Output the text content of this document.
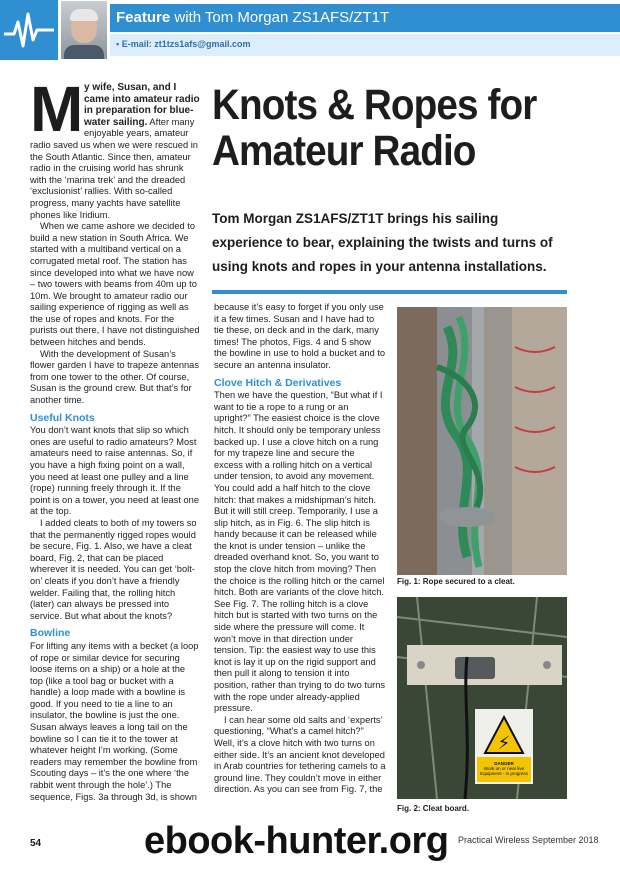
Feature with Tom Morgan ZS1AFS/ZT1T
▪ E-mail: zt1tzs1afs@gmail.com
Knots & Ropes for Amateur Radio

Tom Morgan ZS1AFS/ZT1T brings his sailing experience to bear, explaining the twists and turns of using knots and ropes in your antenna installations.

My wife, Susan, and I came into amateur radio in preparation for blue-water sailing. After many enjoyable years, amateur radio saved us when we were rescued in the South Atlantic. Since then, amateur radio in the cruising world has shrunk with the ‘marina trek’ and the dreaded ‘exclusionist’ rallies. With so-called progress, many yachts have satellite phones like Iridium.

When we came ashore we decided to build a new station in South Africa. We started with a multiband vertical on a corrugated metal roof. The station has since developed into what we have now – two towers with beams from 40m up to 10m. We brought to amateur radio our sailing experience of rigging as well as the use of ropes and knots. For the purists out there, I have not distinguished between hitches and bends.

With the development of Susan’s flower garden I have to trapeze antennas from one tower to the other. Of course, Susan is the ground crew. But that’s for another time.

Useful Knots

You don’t want knots that slip so which ones are useful to radio amateurs? Most amateurs need to raise antennas. So, if you have a high fixing point on a wall, you need at least one pulley and a line (rope) running freely through it. If the point is on a tower, you need at least one at the top.

I added cleats to both of my towers so that the permanently rigged ropes would be secure, Fig. 1. Also, we have a cleat board, Fig. 2, that can be placed wherever it is needed. You can get ‘bolt-on’ cleats if you don’t have a friendly welder. Failing that, the rolling hitch (later) can always be pressed into service. But what about the knots?

Bowline

For lifting any items with a becket (a loop of rope or similar device for securing loose items on a ship) or a hole at the top (like a tool bag or bucket with a handle) a loop made with a bowline is good. If you need to tie a line to an insulator, the bowline is just the one. Susan always leaves a long tail on the bowline so I can tie it to the tower at whatever height I’m working. (Some readers may remember the bowline from Scouting days – it’s the one where ‘the rabbit went through the hole’.) The sequence, Figs. 3a through 3d, is shown

because it’s easy to forget if you only use it a few times. Susan and I have had to tie these, on deck and in the dark, many times! The photos, Figs. 4 and 5 show the bowline in use to hold a bucket and to secure an antenna insulator.

Clove Hitch & Derivatives

Then we have the question, “But what if I want to tie a rope to a rung or an upright?” The easiest choice is the clove hitch. It should only be temporary unless backed up. I use a clove hitch on a rung for my trapeze line and secure the excess with a rolling hitch on a vertical under tension, to avoid any movement. You could add a half hitch to the clove hitch: that makes a midshipman’s hitch. But it will still creep. Temporarily, I use a slip hitch, as in Fig. 6. The slip hitch is handy because it can be released while the knot is under tension – unlike the dreaded overhand knot. So, you want to stop the clove hitch from moving? Then the choice is the rolling hitch or the camel hitch. Both are variants of the clove hitch. See Fig. 7. The rolling hitch is a clove hitch but is started with two turns on the side where the pressure will come. It won’t move in that direction under tension. Tip: the easiest way to use this knot is lay it up on the rigid support and then pull it along to tension it into position, rather than trying to do two turns with the rope under already-applied pressure.

I can hear some old salts and ‘experts’ questioning, “What’s a camel hitch?” Well, it’s a clove hitch with two turns on either side. It’s an ancient knot developed in Arab countries for tethering camels to a ground line. They couldn’t move in either direction. As you can see from Fig. 7, the

Fig. 1: Rope secured to a cleat.
⚡
DANGER
Work on or near live Equipment - in progress
Fig. 2: Cleat board.
54	Practical Wireless September 2018
ebook-hunter.org
